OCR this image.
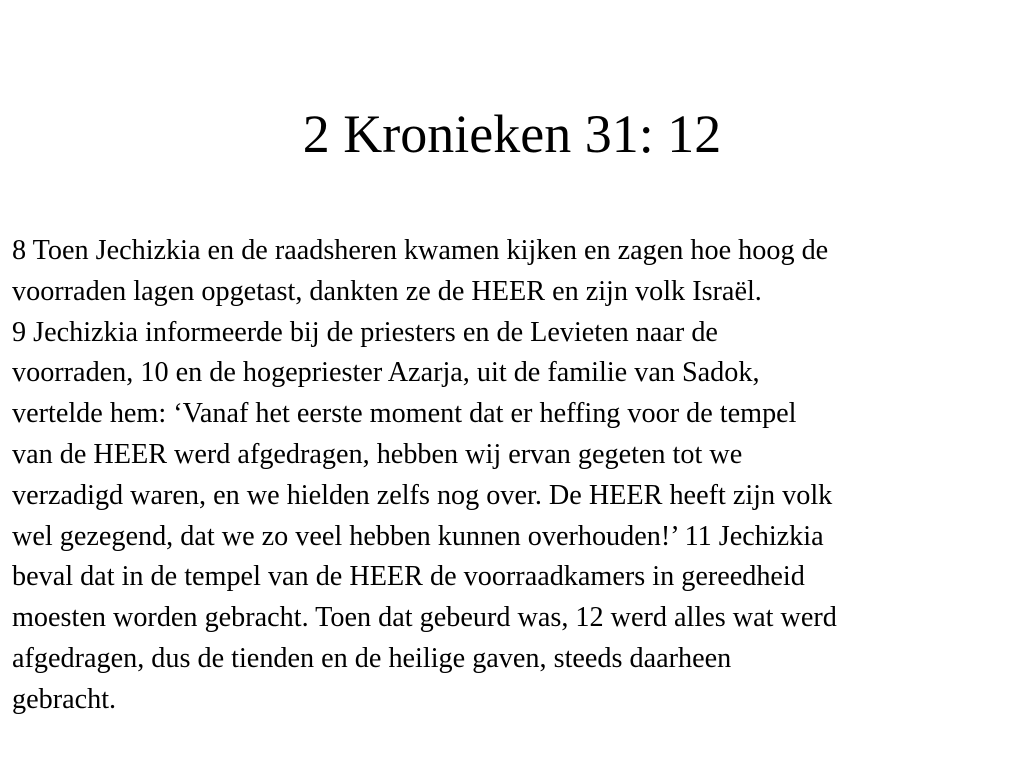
2 Kronieken 31: 12
8 Toen Jechizkia en de raadsheren kwamen kijken en zagen hoe hoog de
voorraden lagen opgetast, dankten ze de HEER en zijn volk Israël.
9 Jechizkia informeerde bij de priesters en de Levieten naar de
voorraden, 10 en de hogepriester Azarja, uit de familie van Sadok,
vertelde hem: ‘Vanaf het eerste moment dat er heffing voor de tempel
van de HEER werd afgedragen, hebben wij ervan gegeten tot we
verzadigd waren, en we hielden zelfs nog over. De HEER heeft zijn volk
wel gezegend, dat we zo veel hebben kunnen overhouden!’ 11 Jechizkia
beval dat in de tempel van de HEER de voorraadkamers in gereedheid
moesten worden gebracht. Toen dat gebeurd was, 12 werd alles wat werd
afgedragen, dus de tienden en de heilige gaven, steeds daarheen
gebracht.
